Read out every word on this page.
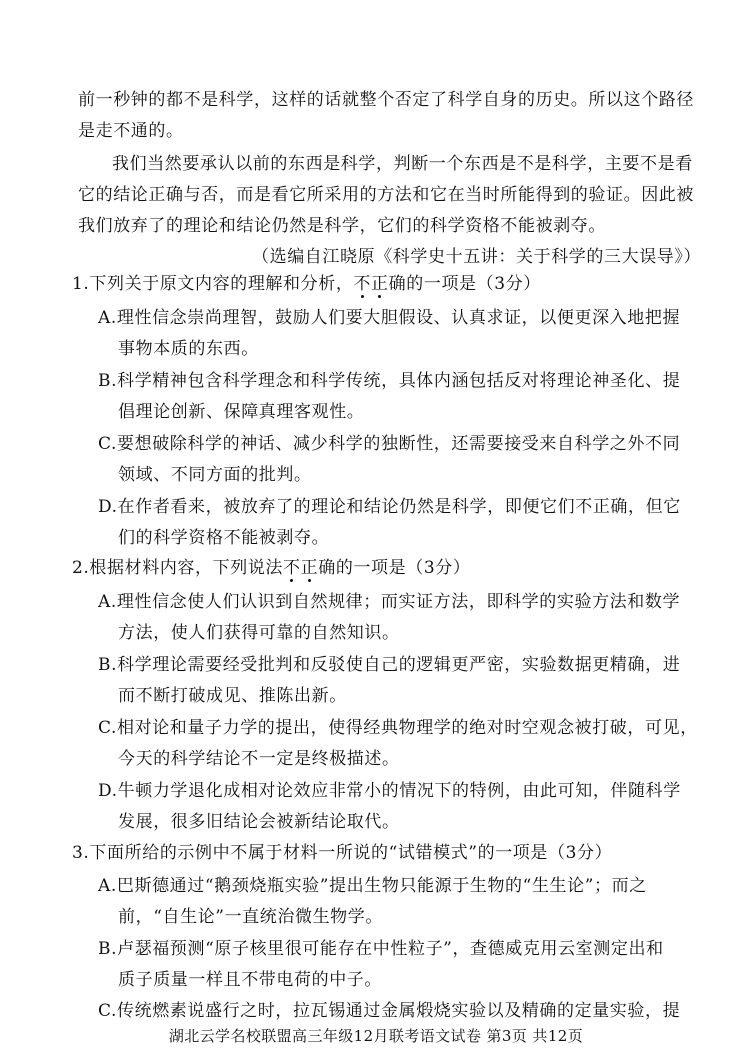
前一秒钟的都不是科学，这样的话就整个否定了科学自身的历史。所以这个路径
是走不通的。
我们当然要承认以前的东西是科学，判断一个东西是不是科学，主要不是看
它的结论正确与否，而是看它所采用的方法和它在当时所能得到的验证。因此被
我们放弃了的理论和结论仍然是科学，它们的科学资格不能被剥夺。
（选编自江晓原《科学史十五讲：关于科学的三大误导》）
1.下列关于原文内容的理解和分析，不正确的一项是（3分）
A.理性信念崇尚理智，鼓励人们要大胆假设、认真求证，以便更深入地把握
事物本质的东西。
B.科学精神包含科学理念和科学传统，具体内涵包括反对将理论神圣化、提
倡理论创新、保障真理客观性。
C.要想破除科学的神话、减少科学的独断性，还需要接受来自科学之外不同
领域、不同方面的批判。
D.在作者看来，被放弃了的理论和结论仍然是科学，即便它们不正确，但它
们的科学资格不能被剥夺。
2.根据材料内容，下列说法不正确的一项是（3分）
A.理性信念使人们认识到自然规律；而实证方法，即科学的实验方法和数学
方法，使人们获得可靠的自然知识。
B.科学理论需要经受批判和反驳使自己的逻辑更严密，实验数据更精确，进
而不断打破成见、推陈出新。
C.相对论和量子力学的提出，使得经典物理学的绝对时空观念被打破，可见，
今天的科学结论不一定是终极描述。
D.牛顿力学退化成相对论效应非常小的情况下的特例，由此可知，伴随科学
发展，很多旧结论会被新结论取代。
3.下面所给的示例中不属于材料一所说的“试错模式”的一项是（3分）
A.巴斯德通过“鹅颈烧瓶实验”提出生物只能源于生物的“生生论”；而之
前，“自生论”一直统治微生物学。
B.卢瑟福预测“原子核里很可能存在中性粒子”，查德威克用云室测定出和
质子质量一样且不带电荷的中子。
C.传统燃素说盛行之时，拉瓦锡通过金属煅烧实验以及精确的定量实验，提
湖北云学名校联盟高三年级12月联考语文试卷 第3页 共12页
